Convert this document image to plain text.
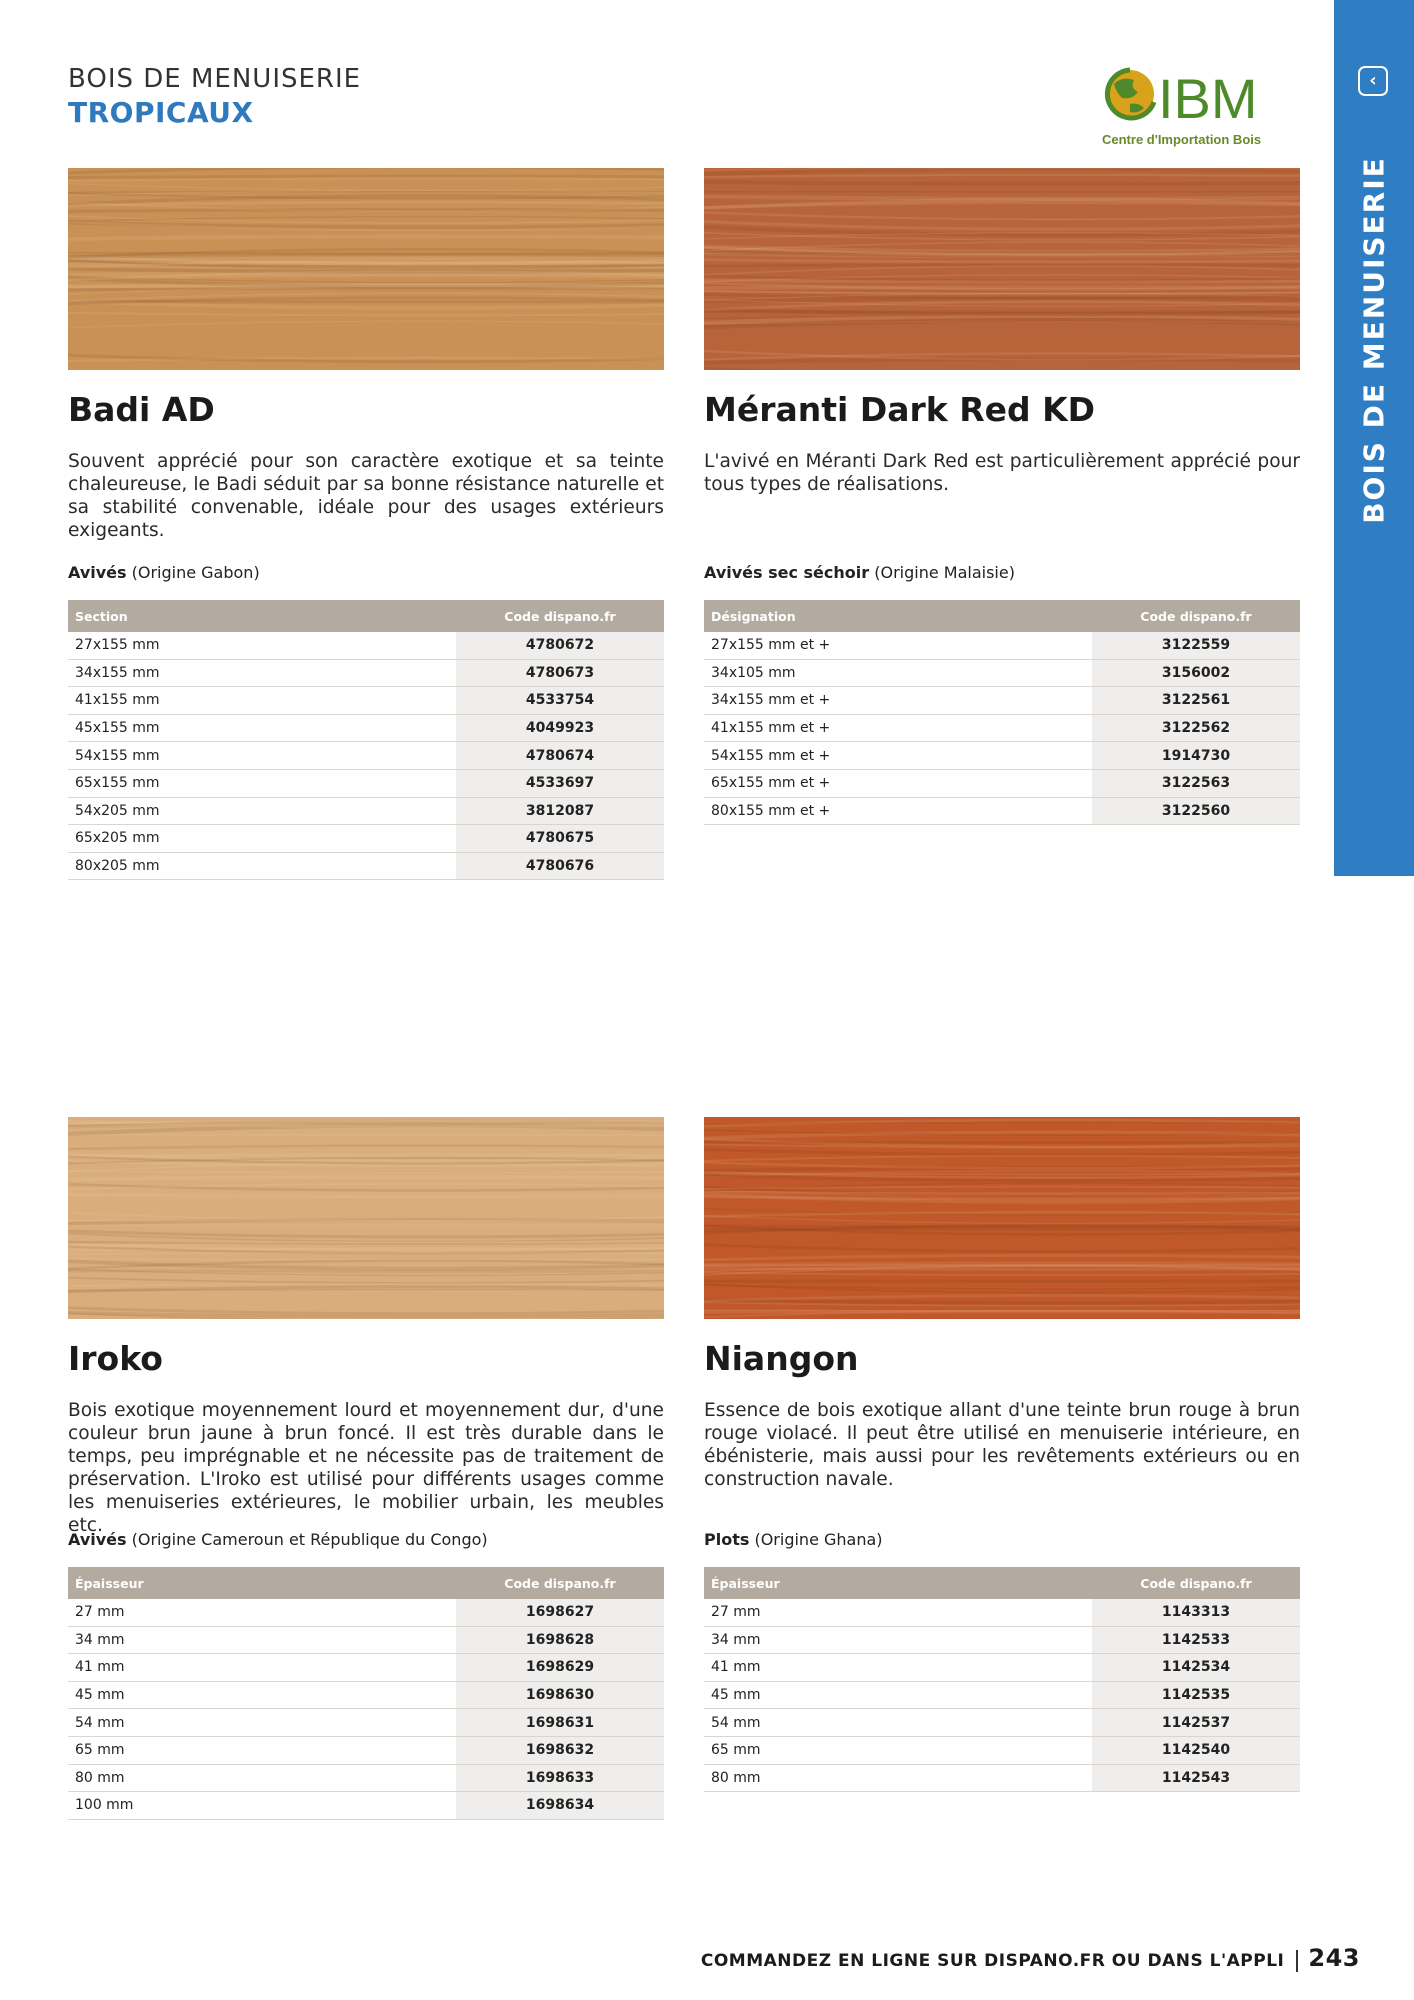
BOIS DE MENUISERIE
TROPICAUX	IBM
Centre d'Importation Bois
‹
BOIS DE MENUISERIE
Badi AD
Souvent apprécié pour son caractère exotique et sa teinte chaleureuse, le Badi séduit par sa bonne résistance naturelle et sa stabilité convenable, idéale pour des usages extérieurs exigeants.
Avivés (Origine Gabon)
Section	Code dispano.fr
27x155 mm	4780672
34x155 mm	4780673
41x155 mm	4533754
45x155 mm	4049923
54x155 mm	4780674
65x155 mm	4533697
54x205 mm	3812087
65x205 mm	4780675
80x205 mm	4780676
Méranti Dark Red KD
L'avivé en Méranti Dark Red est particulièrement apprécié pour tous types de réalisations.
Avivés sec séchoir (Origine Malaisie)
Désignation	Code dispano.fr
27x155 mm et +	3122559
34x105 mm	3156002
34x155 mm et +	3122561
41x155 mm et +	3122562
54x155 mm et +	1914730
65x155 mm et +	3122563
80x155 mm et +	3122560
Iroko
Bois exotique moyennement lourd et moyennement dur, d'une couleur brun jaune à brun foncé. Il est très durable dans le temps, peu imprégnable et ne nécessite pas de traitement de préservation. L'Iroko est utilisé pour différents usages comme les menuiseries extérieures, le mobilier urbain, les meubles etc.
Avivés (Origine Cameroun et République du Congo)
Épaisseur	Code dispano.fr
27 mm	1698627
34 mm	1698628
41 mm	1698629
45 mm	1698630
54 mm	1698631
65 mm	1698632
80 mm	1698633
100 mm	1698634
Niangon
Essence de bois exotique allant d'une teinte brun rouge à brun rouge violacé. Il peut être utilisé en menuiserie intérieure, en ébénisterie, mais aussi pour les revêtements extérieurs ou en construction navale.
Plots (Origine Ghana)
Épaisseur	Code dispano.fr
27 mm	1143313
34 mm	1142533
41 mm	1142534
45 mm	1142535
54 mm	1142537
65 mm	1142540
80 mm	1142543
COMMANDEZ EN LIGNE SUR DISPANO.FR OU DANS L'APPLI 243
